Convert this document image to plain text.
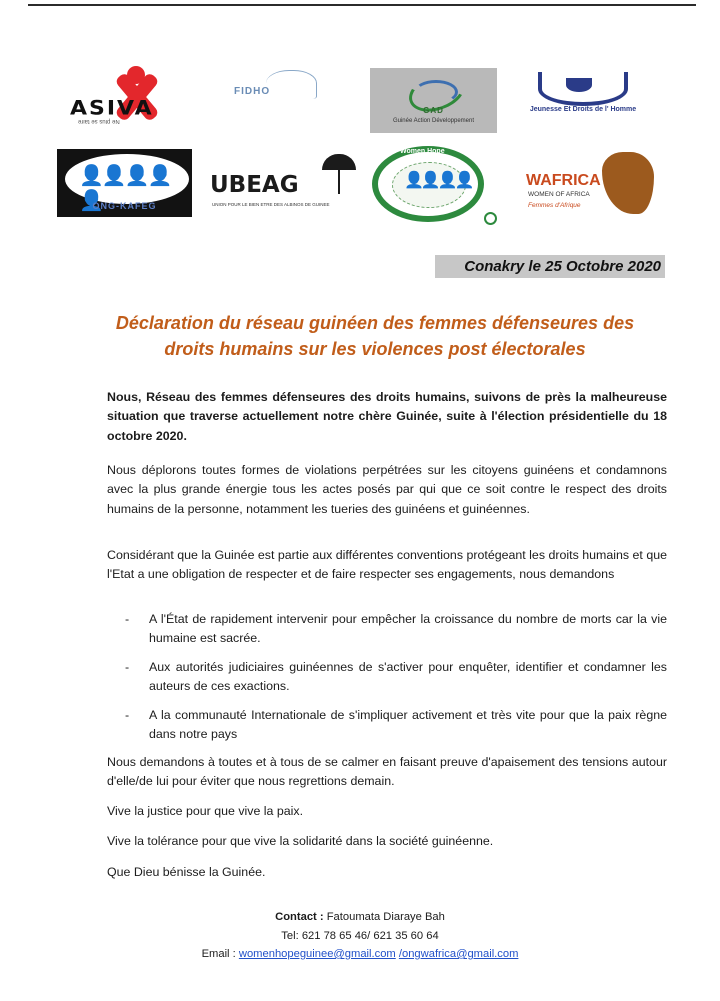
ASIVA
Ne plus se taire
FIDHO
GAD
Guinée Action Développement
Jeunesse Et Droits de l' Homme
👤👤👤👤👤
ONG-KAFEG
UBEAG
UNION POUR LE BIEN ETRE DES ALBINOS DE GUINEE
👤👤👤👤
Women Hope
Guinée
WAFRICA
WOMEN OF AFRICA
Femmes d'Afrique
Conakry le 25 Octobre 2020
Déclaration du réseau guinéen des femmes défenseures des
droits humains sur les violences post électorales

Nous, Réseau des femmes défenseures des droits humains, suivons de près la malheureuse situation que traverse actuellement notre chère Guinée, suite à l'élection présidentielle du 18 octobre 2020.

Nous déplorons toutes formes de violations perpétrées sur les citoyens guinéens et condamnons avec la plus grande énergie tous les actes posés par qui que ce soit contre le respect des droits humains de la personne, notamment les tueries des guinéens et guinéennes.

Considérant que la Guinée est partie aux différentes conventions protégeant les droits humains et que l'Etat a une obligation de respecter et de faire respecter ses engagements, nous demandons

- A l'État de rapidement intervenir pour empêcher la croissance du nombre de morts car la vie humaine est sacrée.
- Aux autorités judiciaires guinéennes de s'activer pour enquêter, identifier et condamner les auteurs de ces exactions.
- A la communauté Internationale de s'impliquer activement et très vite pour que la paix règne dans notre pays

Nous demandons à toutes et à tous de se calmer en faisant preuve d'apaisement des tensions autour d'elle/de lui pour éviter que nous regrettions demain.

Vive la justice pour que vive la paix.

Vive la tolérance pour que vive la solidarité dans la société guinéenne.

Que Dieu bénisse la Guinée.

Contact : Fatoumata Diaraye Bah
Tel: 621 78 65 46/ 621 35 60 64
Email : womenhopeguinee@gmail.com /ongwafrica@gmail.com
